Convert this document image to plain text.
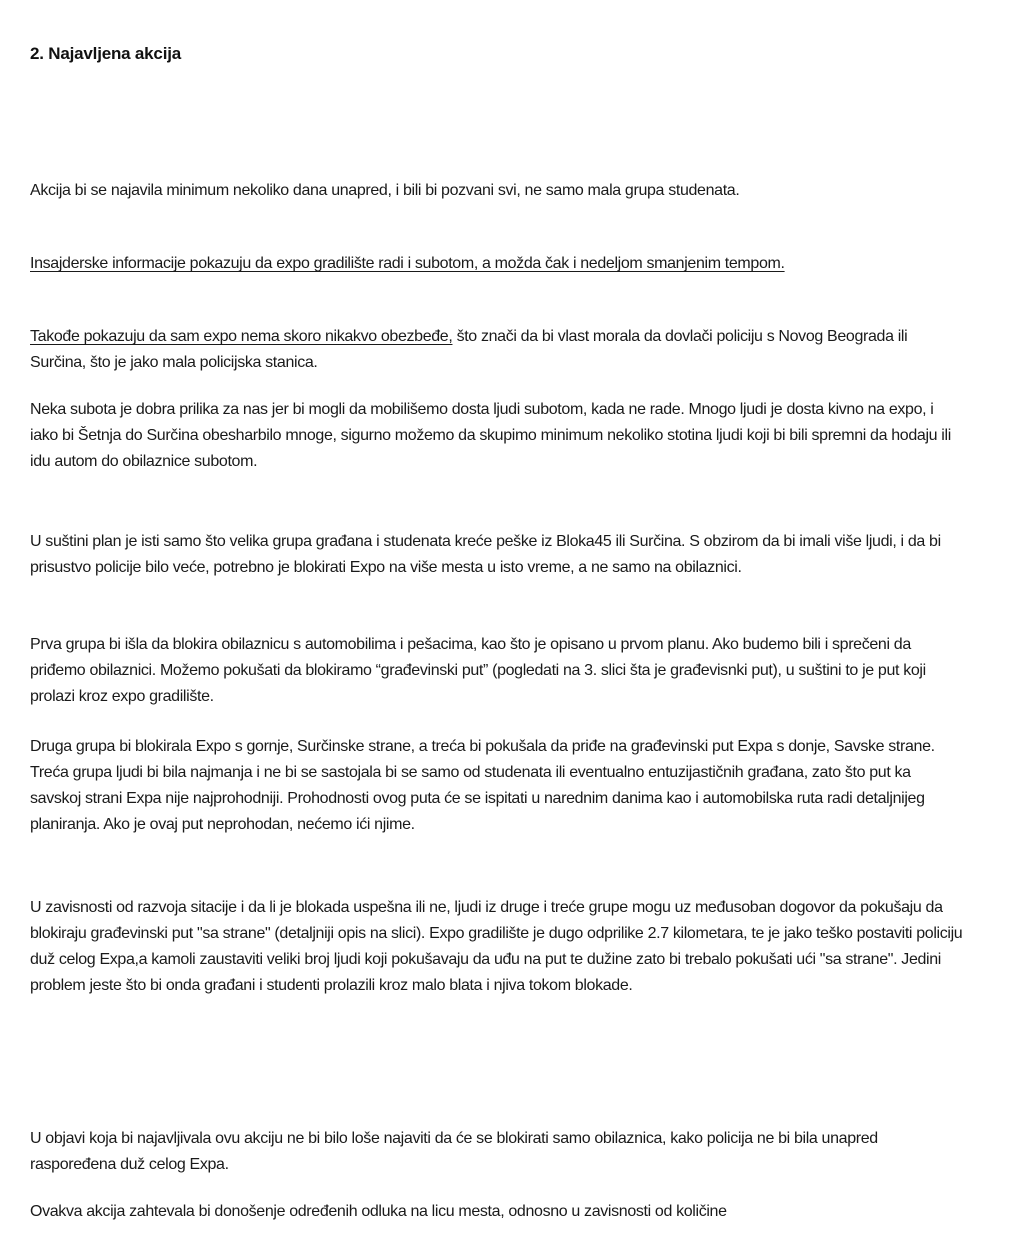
2. Najavljena akcija

Akcija bi se najavila minimum nekoliko dana unapred, i bili bi pozvani svi, ne samo mala grupa studenata.

Insajderske informacije pokazuju da expo gradilište radi i subotom, a možda čak i nedeljom smanjenim tempom.

Takođe pokazuju da sam expo nema skoro nikakvo obezbeđe, što znači da bi vlast morala da dovlači policiju s Novog Beograda ili Surčina, što je jako mala policijska stanica.

Neka subota je dobra prilika za nas jer bi mogli da mobilišemo dosta ljudi subotom, kada ne rade. Mnogo ljudi je dosta kivno na expo, i iako bi Šetnja do Surčina obesharbilo mnoge, sigurno možemo da skupimo minimum nekoliko stotina ljudi koji bi bili spremni da hodaju ili idu autom do obilaznice subotom.

U suštini plan je isti samo što velika grupa građana i studenata kreće peške iz Bloka45 ili Surčina. S obzirom da bi imali više ljudi, i da bi prisustvo policije bilo veće, potrebno je blokirati Expo na više mesta u isto vreme, a ne samo na obilaznici.

Prva grupa bi išla da blokira obilaznicu s automobilima i pešacima, kao što je opisano u prvom planu. Ako budemo bili i sprečeni da priđemo obilaznici. Možemo pokušati da blokiramo “građevinski put” (pogledati na 3. slici šta je građevisnki put), u suštini to je put koji prolazi kroz expo gradilište.

Druga grupa bi blokirala Expo s gornje, Surčinske strane, a treća bi pokušala da priđe na građevinski put Expa s donje, Savske strane. Treća grupa ljudi bi bila najmanja i ne bi se sastojala bi se samo od studenata ili eventualno entuzijastičnih građana, zato što put ka savskoj strani Expa nije najprohodniji. Prohodnosti ovog puta će se ispitati u narednim danima kao i automobilska ruta radi detaljnijeg planiranja. Ako je ovaj put neprohodan, nećemo ići njime.

U zavisnosti od razvoja sitacije i da li je blokada uspešna ili ne, ljudi iz druge i treće grupe mogu uz međusoban dogovor da pokušaju da blokiraju građevinski put "sa strane" (detaljniji opis na slici). Expo gradilište je dugo odprilike 2.7 kilometara, te je jako teško postaviti policiju duž celog Expa,a kamoli zaustaviti veliki broj ljudi koji pokušavaju da uđu na put te dužine zato bi trebalo pokušati ući "sa strane". Jedini problem jeste što bi onda građani i studenti prolazili kroz malo blata i njiva tokom blokade.

U objavi koja bi najavljivala ovu akciju ne bi bilo loše najaviti da će se blokirati samo obilaznica, kako policija ne bi bila unapred raspoređena duž celog Expa.

Ovakva akcija zahtevala bi donošenje određenih odluka na licu mesta, odnosno u zavisnosti od količine
